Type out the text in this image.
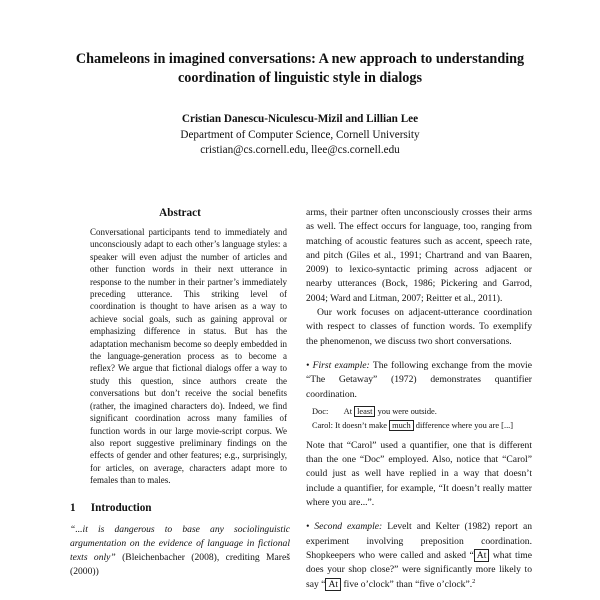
Chameleons in imagined conversations: A new approach to understanding
coordination of linguistic style in dialogs
Cristian Danescu-Niculescu-Mizil and Lillian Lee
Department of Computer Science, Cornell University
cristian@cs.cornell.edu, llee@cs.cornell.edu
Abstract
Conversational participants tend to immediately and unconsciously adapt to each other’s language styles: a speaker will even adjust the number of articles and other function words in their next utterance in response to the number in their partner’s immediately preceding utterance. This striking level of coordination is thought to have arisen as a way to achieve social goals, such as gaining approval or emphasizing difference in status. But has the adaptation mechanism become so deeply embedded in the language-generation process as to become a reflex? We argue that fictional dialogs offer a way to study this question, since authors create the conversations but don’t receive the social benefits (rather, the imagined characters do). Indeed, we find significant coordination across many families of function words in our large movie-script corpus. We also report suggestive preliminary findings on the effects of gender and other features; e.g., surprisingly, for articles, on average, characters adapt more to females than to males.
1 Introduction
“...it is dangerous to base any sociolinguistic argumentation on the evidence of language in fictional texts only” (Bleichenbacher (2008), crediting Mareš (2000))

arms, their partner often unconsciously crosses their arms as well. The effect occurs for language, too, ranging from matching of acoustic features such as accent, speech rate, and pitch (Giles et al., 1991; Chartrand and van Baaren, 2009) to lexico-syntactic priming across adjacent or nearby utterances (Bock, 1986; Pickering and Garrod, 2004; Ward and Litman, 2007; Reitter et al., 2011).

Our work focuses on adjacent-utterance coordination with respect to classes of function words. To exemplify the phenomenon, we discuss two short conversations.

• First example: The following exchange from the movie “The Getaway” (1972) demonstrates quantifier coordination.

Doc: At least you were outside.
Carol: It doesn’t make much difference where you are [...]

Note that “Carol” used a quantifier, one that is different than the one “Doc” employed. Also, notice that “Carol” could just as well have replied in a way that doesn’t include a quantifier, for example, “It doesn’t really matter where you are...”.

• Second example: Levelt and Kelter (1982) report an experiment involving preposition coordination. Shopkeepers who were called and asked “ At what time does your shop close?” were significantly more likely to say “ At five o’clock” than “five o’clock”.$^2$
